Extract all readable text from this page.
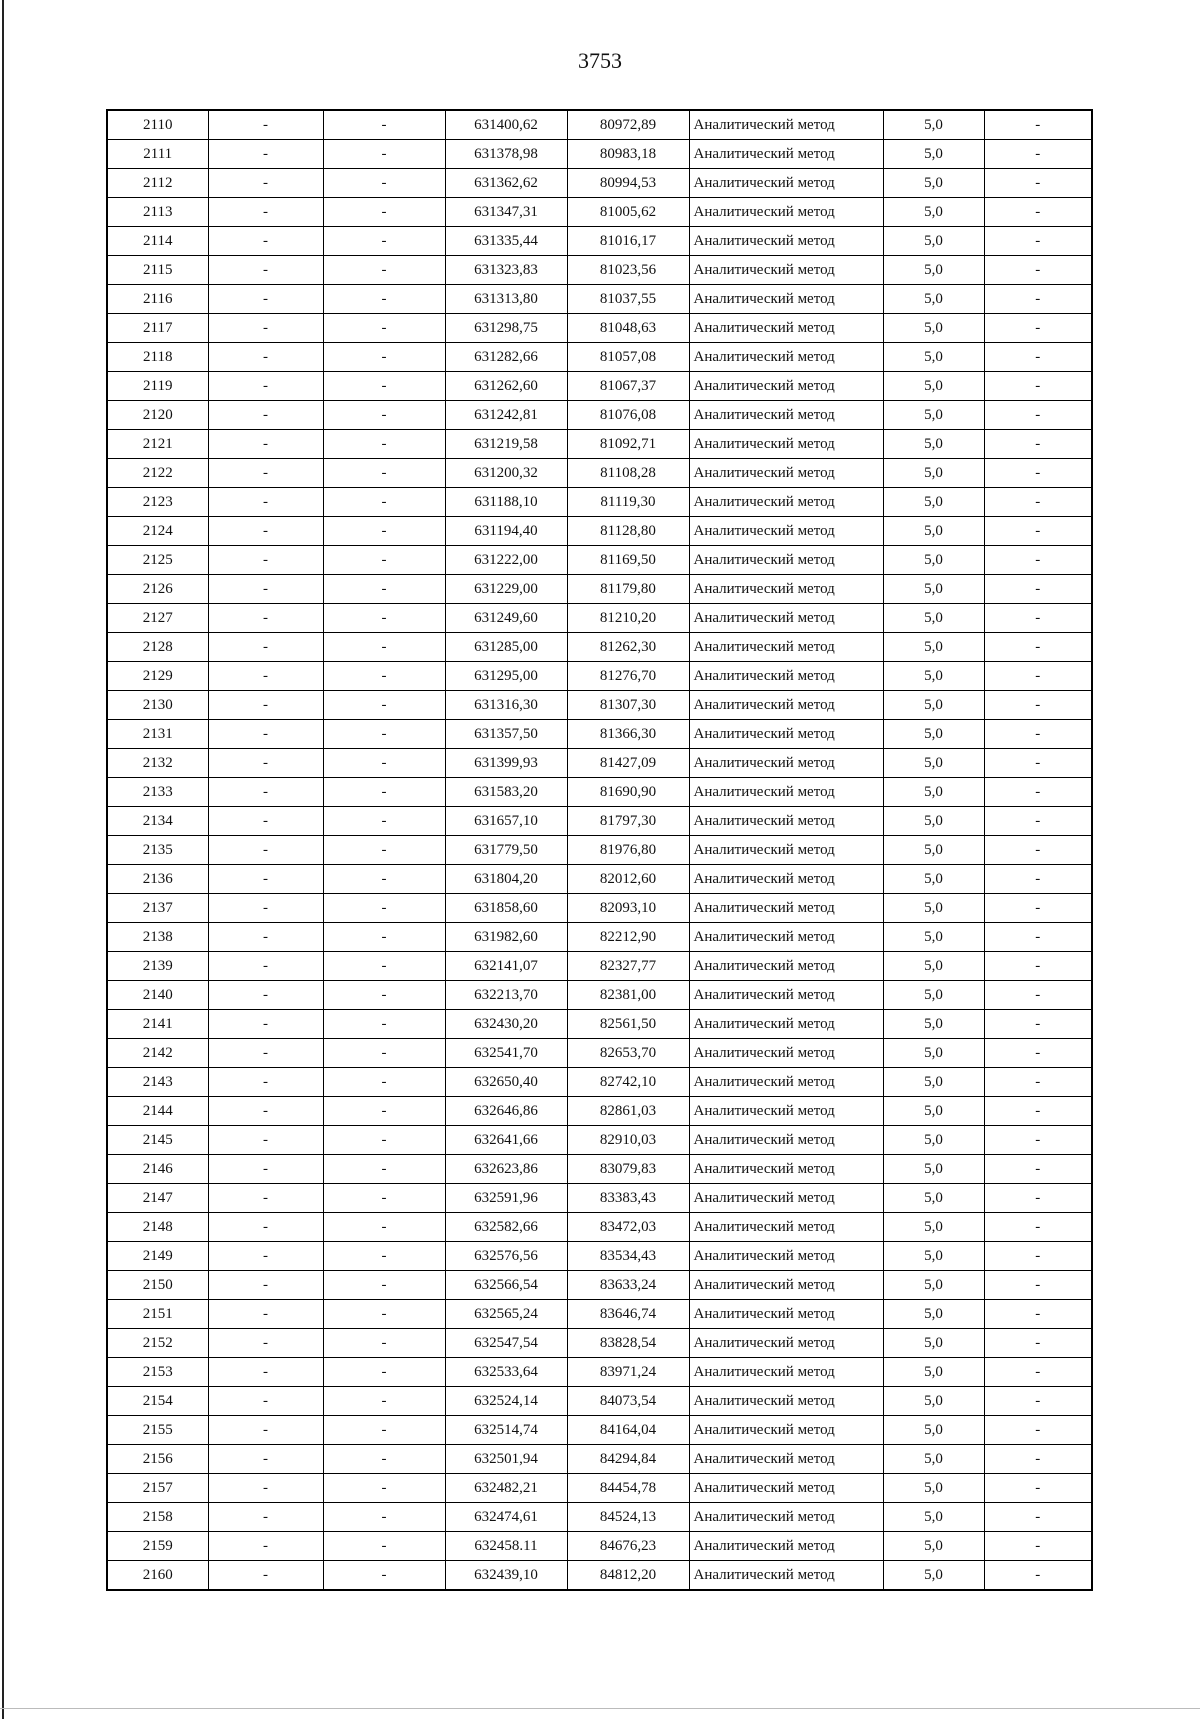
3753
2110	-	-	631400,62	80972,89	Аналитический метод	5,0	-
2111	-	-	631378,98	80983,18	Аналитический метод	5,0	-
2112	-	-	631362,62	80994,53	Аналитический метод	5,0	-
2113	-	-	631347,31	81005,62	Аналитический метод	5,0	-
2114	-	-	631335,44	81016,17	Аналитический метод	5,0	-
2115	-	-	631323,83	81023,56	Аналитический метод	5,0	-
2116	-	-	631313,80	81037,55	Аналитический метод	5,0	-
2117	-	-	631298,75	81048,63	Аналитический метод	5,0	-
2118	-	-	631282,66	81057,08	Аналитический метод	5,0	-
2119	-	-	631262,60	81067,37	Аналитический метод	5,0	-
2120	-	-	631242,81	81076,08	Аналитический метод	5,0	-
2121	-	-	631219,58	81092,71	Аналитический метод	5,0	-
2122	-	-	631200,32	81108,28	Аналитический метод	5,0	-
2123	-	-	631188,10	81119,30	Аналитический метод	5,0	-
2124	-	-	631194,40	81128,80	Аналитический метод	5,0	-
2125	-	-	631222,00	81169,50	Аналитический метод	5,0	-
2126	-	-	631229,00	81179,80	Аналитический метод	5,0	-
2127	-	-	631249,60	81210,20	Аналитический метод	5,0	-
2128	-	-	631285,00	81262,30	Аналитический метод	5,0	-
2129	-	-	631295,00	81276,70	Аналитический метод	5,0	-
2130	-	-	631316,30	81307,30	Аналитический метод	5,0	-
2131	-	-	631357,50	81366,30	Аналитический метод	5,0	-
2132	-	-	631399,93	81427,09	Аналитический метод	5,0	-
2133	-	-	631583,20	81690,90	Аналитический метод	5,0	-
2134	-	-	631657,10	81797,30	Аналитический метод	5,0	-
2135	-	-	631779,50	81976,80	Аналитический метод	5,0	-
2136	-	-	631804,20	82012,60	Аналитический метод	5,0	-
2137	-	-	631858,60	82093,10	Аналитический метод	5,0	-
2138	-	-	631982,60	82212,90	Аналитический метод	5,0	-
2139	-	-	632141,07	82327,77	Аналитический метод	5,0	-
2140	-	-	632213,70	82381,00	Аналитический метод	5,0	-
2141	-	-	632430,20	82561,50	Аналитический метод	5,0	-
2142	-	-	632541,70	82653,70	Аналитический метод	5,0	-
2143	-	-	632650,40	82742,10	Аналитический метод	5,0	-
2144	-	-	632646,86	82861,03	Аналитический метод	5,0	-
2145	-	-	632641,66	82910,03	Аналитический метод	5,0	-
2146	-	-	632623,86	83079,83	Аналитический метод	5,0	-
2147	-	-	632591,96	83383,43	Аналитический метод	5,0	-
2148	-	-	632582,66	83472,03	Аналитический метод	5,0	-
2149	-	-	632576,56	83534,43	Аналитический метод	5,0	-
2150	-	-	632566,54	83633,24	Аналитический метод	5,0	-
2151	-	-	632565,24	83646,74	Аналитический метод	5,0	-
2152	-	-	632547,54	83828,54	Аналитический метод	5,0	-
2153	-	-	632533,64	83971,24	Аналитический метод	5,0	-
2154	-	-	632524,14	84073,54	Аналитический метод	5,0	-
2155	-	-	632514,74	84164,04	Аналитический метод	5,0	-
2156	-	-	632501,94	84294,84	Аналитический метод	5,0	-
2157	-	-	632482,21	84454,78	Аналитический метод	5,0	-
2158	-	-	632474,61	84524,13	Аналитический метод	5,0	-
2159	-	-	632458.11	84676,23	Аналитический метод	5,0	-
2160	-	-	632439,10	84812,20	Аналитический метод	5,0	-
